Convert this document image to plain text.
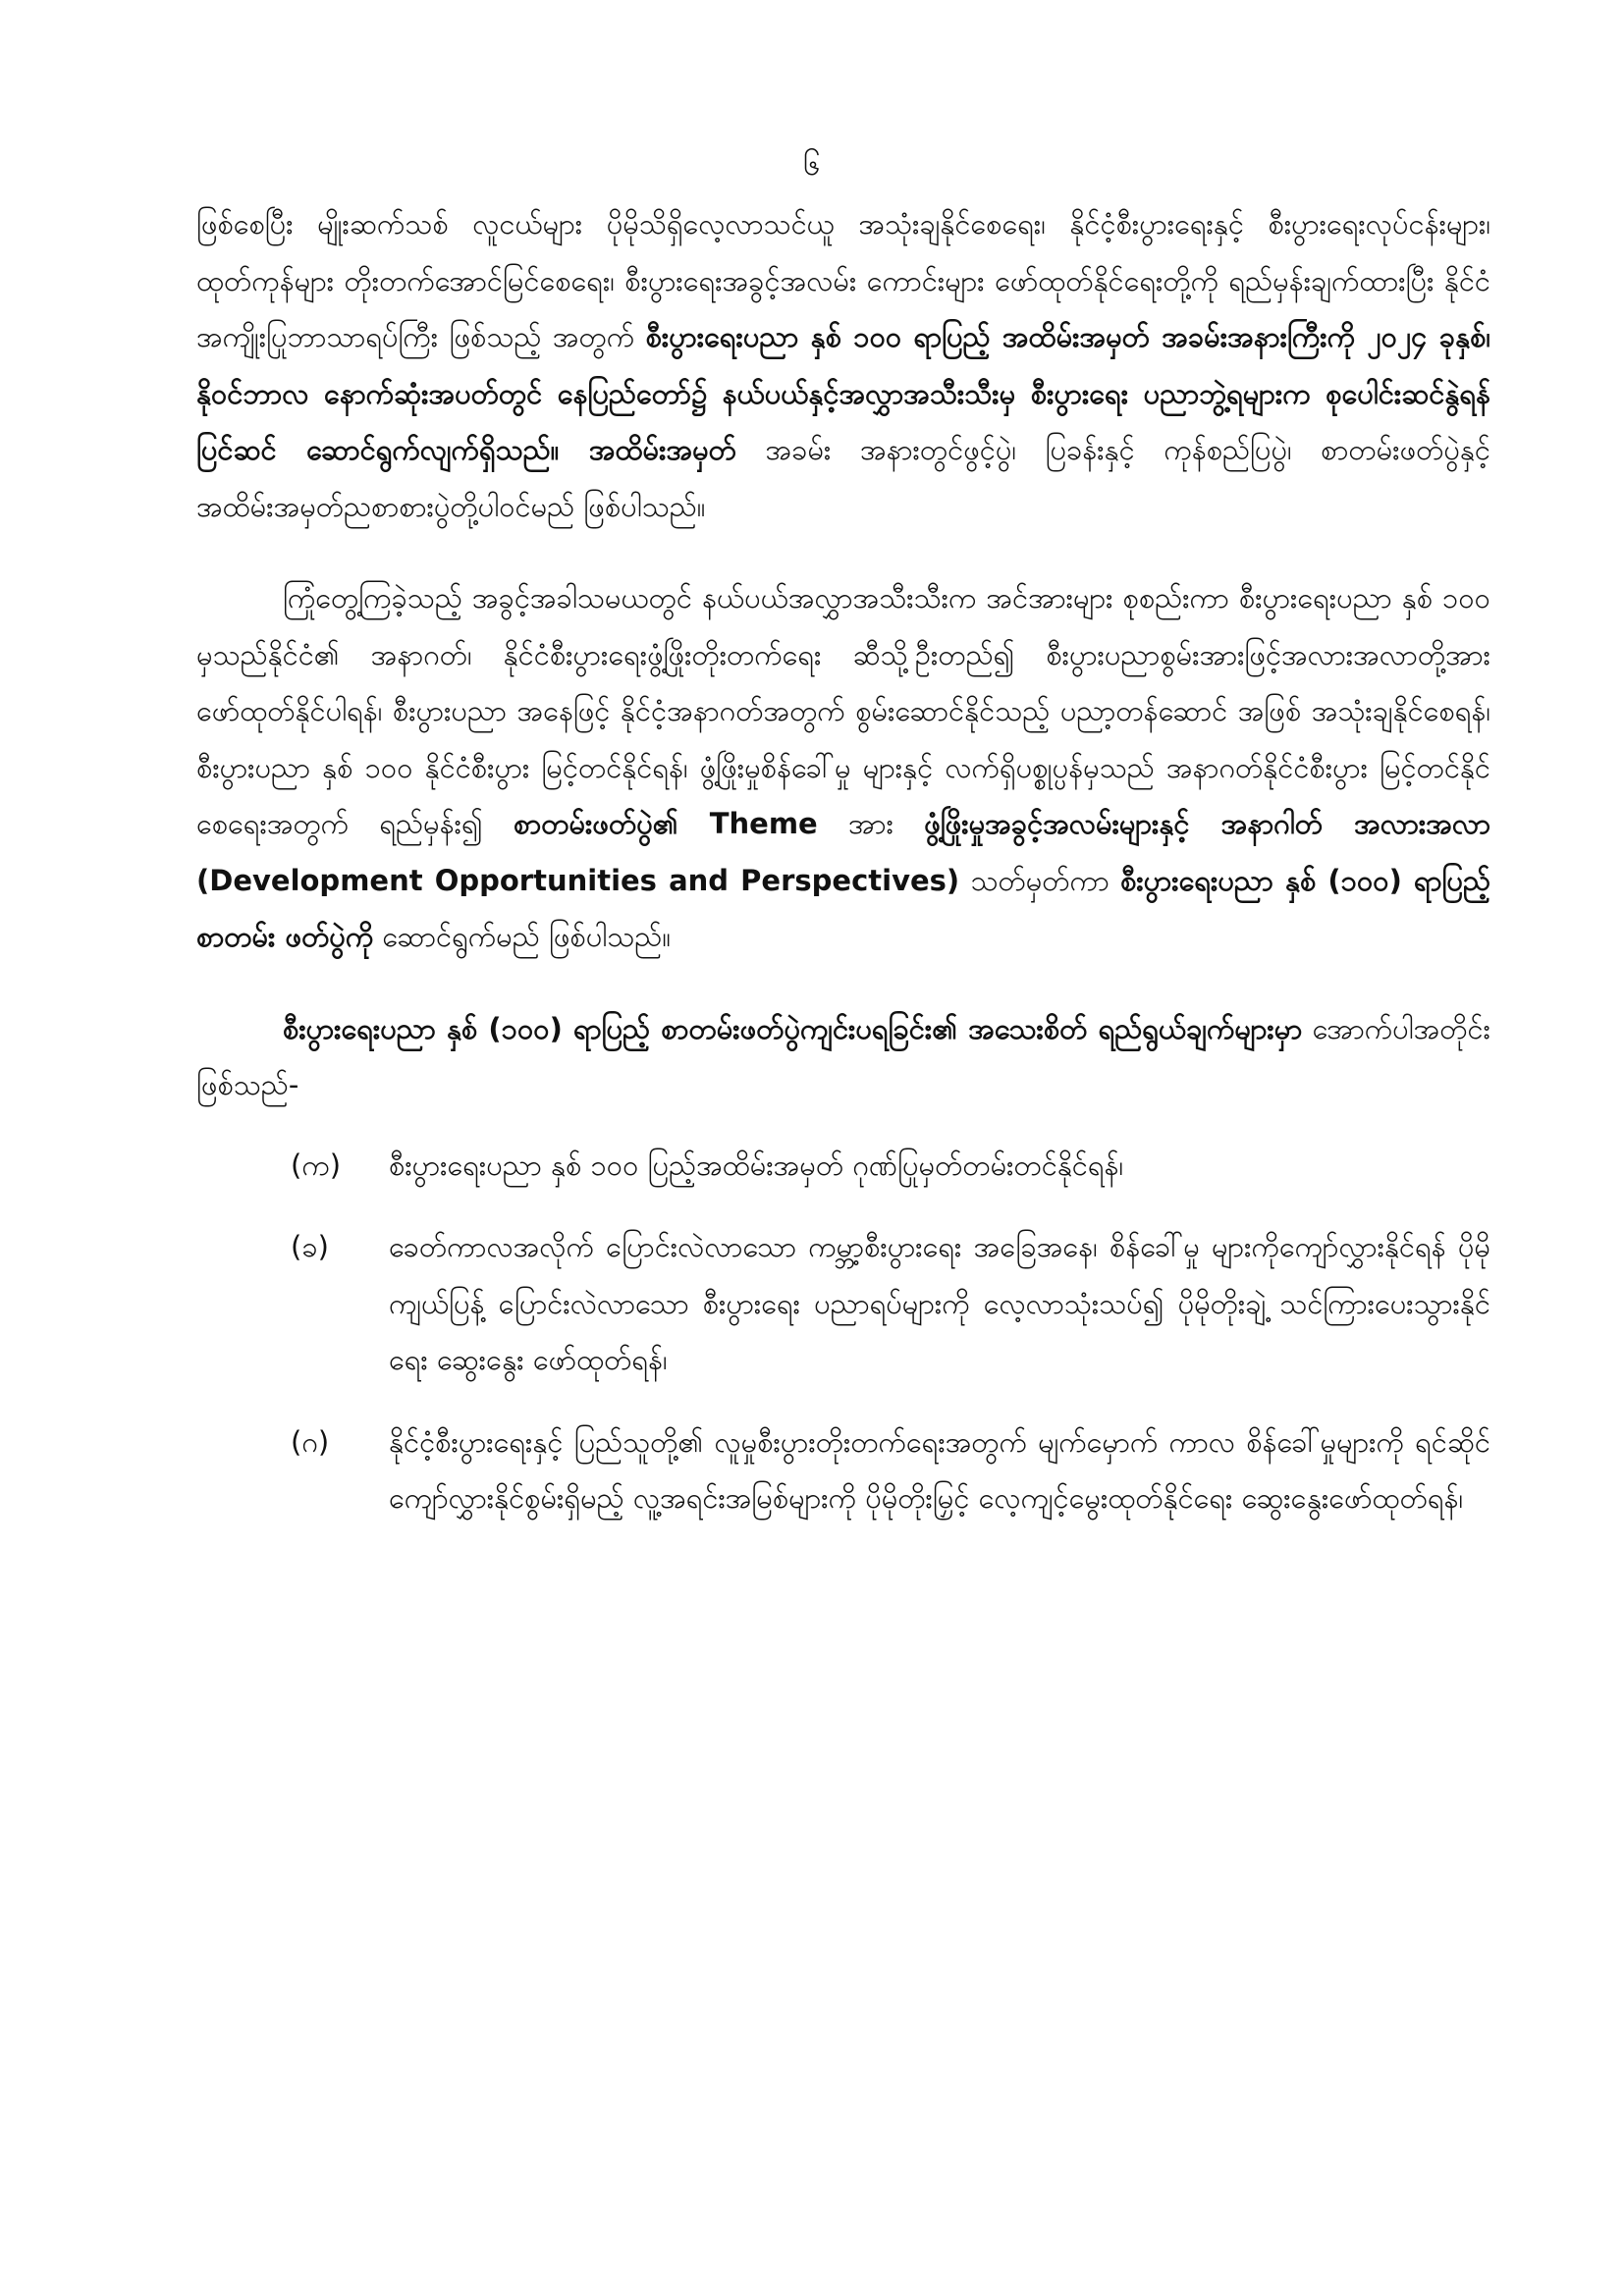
၆

ဖြစ်စေပြီး မျိုးဆက်သစ် လူငယ်များ ပိုမိုသိရှိလေ့လာသင်ယူ အသုံးချနိုင်စေရေး၊ နိုင်ငံ့စီးပွားရေးနှင့် စီးပွားရေးလုပ်ငန်းများ၊ ထုတ်ကုန်များ တိုးတက်အောင်မြင်စေရေး၊ စီးပွားရေးအခွင့်အလမ်း ကောင်းများ ဖော်ထုတ်နိုင်ရေးတို့ကို ရည်မှန်းချက်ထားပြီး နိုင်ငံအကျိုးပြုဘာသာရပ်ကြီး ဖြစ်သည့် အတွက် စီးပွားရေးပညာ နှစ် ၁၀၀ ရာပြည့် အထိမ်းအမှတ် အခမ်းအနားကြီးကို ၂၀၂၄ ခုနှစ်၊ နိုဝင်ဘာလ နောက်ဆုံးအပတ်တွင် နေပြည်တော်၌ နယ်ပယ်နှင့်အလွှာအသီးသီးမှ စီးပွားရေး ပညာဘွဲ့ရများက စုပေါင်းဆင်နွဲရန်ပြင်ဆင် ဆောင်ရွက်လျက်ရှိသည်။ အထိမ်းအမှတ် အခမ်း အနားတွင်ဖွင့်ပွဲ၊ ပြခန်းနှင့် ကုန်စည်ပြပွဲ၊ စာတမ်းဖတ်ပွဲနှင့် အထိမ်းအမှတ်ညစာစားပွဲတို့ပါဝင်မည် ဖြစ်ပါသည်။

ကြုံတွေ့ကြခဲ့သည့် အခွင့်အခါသမယတွင် နယ်ပယ်အလွှာအသီးသီးက အင်အားများ စုစည်းကာ စီးပွားရေးပညာ နှစ် ၁၀၀ မှသည်နိုင်ငံ၏ အနာဂတ်၊ နိုင်ငံစီးပွားရေးဖွံ့ဖြိုးတိုးတက်ရေး ဆီသို့ဦးတည်၍ စီးပွားပညာစွမ်းအားဖြင့်အလားအလာတို့အား ဖော်ထုတ်နိုင်ပါရန်၊ စီးပွားပညာ အနေဖြင့် နိုင်ငံ့အနာဂတ်အတွက် စွမ်းဆောင်နိုင်သည့် ပညာ့တန်ဆောင် အဖြစ် အသုံးချနိုင်စေရန်၊ စီးပွားပညာ နှစ် ၁၀၀ နိုင်ငံစီးပွား မြင့်တင်နိုင်ရန်၊ ဖွံ့ဖြိုးမှုစိန်ခေါ်မှု များနှင့် လက်ရှိပစ္စုပ္ပန်မှသည် အနာဂတ်နိုင်ငံစီးပွား မြင့်တင်နိုင်စေရေးအတွက် ရည်မှန်း၍ စာတမ်းဖတ်ပွဲ၏ Theme အား ဖွံ့ဖြိုးမှုအခွင့်အလမ်းများနှင့် အနာဂါတ် အလားအလာ (Development Opportunities and Perspectives) သတ်မှတ်ကာ စီးပွားရေးပညာ နှစ် (၁၀၀) ရာပြည့် စာတမ်း ဖတ်ပွဲကို ဆောင်ရွက်မည် ဖြစ်ပါသည်။

စီးပွားရေးပညာ နှစ် (၁၀၀) ရာပြည့် စာတမ်းဖတ်ပွဲကျင်းပရခြင်း၏ အသေးစိတ် ရည်ရွယ်ချက်များမှာ အောက်ပါအတိုင်း ဖြစ်သည်-

(က)	စီးပွားရေးပညာ နှစ် ၁၀၀ ပြည့်အထိမ်းအမှတ် ဂုဏ်ပြုမှတ်တမ်းတင်နိုင်ရန်၊
(ခ)	ခေတ်ကာလအလိုက် ပြောင်းလဲလာသော ကမ္ဘာ့စီးပွားရေး အခြေအနေ၊ စိန်ခေါ်မှု များကိုကျော်လွှားနိုင်ရန် ပိုမိုကျယ်ပြန့် ပြောင်းလဲလာသော စီးပွားရေး ပညာရပ်များကို လေ့လာသုံးသပ်၍ ပိုမိုတိုးချဲ့ သင်ကြားပေးသွားနိုင်ရေး ဆွေးနွေး ဖော်ထုတ်ရန်၊
(ဂ)	နိုင်ငံ့စီးပွားရေးနှင့် ပြည်သူတို့၏ လူမှုစီးပွားတိုးတက်ရေးအတွက် မျက်မှောက် ကာလ စိန်ခေါ်မှုများကို ရင်ဆိုင်ကျော်လွှားနိုင်စွမ်းရှိမည့် လူ့အရင်းအမြစ်များကို ပိုမိုတိုးမြှင့် လေ့ကျင့်မွေးထုတ်နိုင်ရေး ဆွေးနွေးဖော်ထုတ်ရန်၊
